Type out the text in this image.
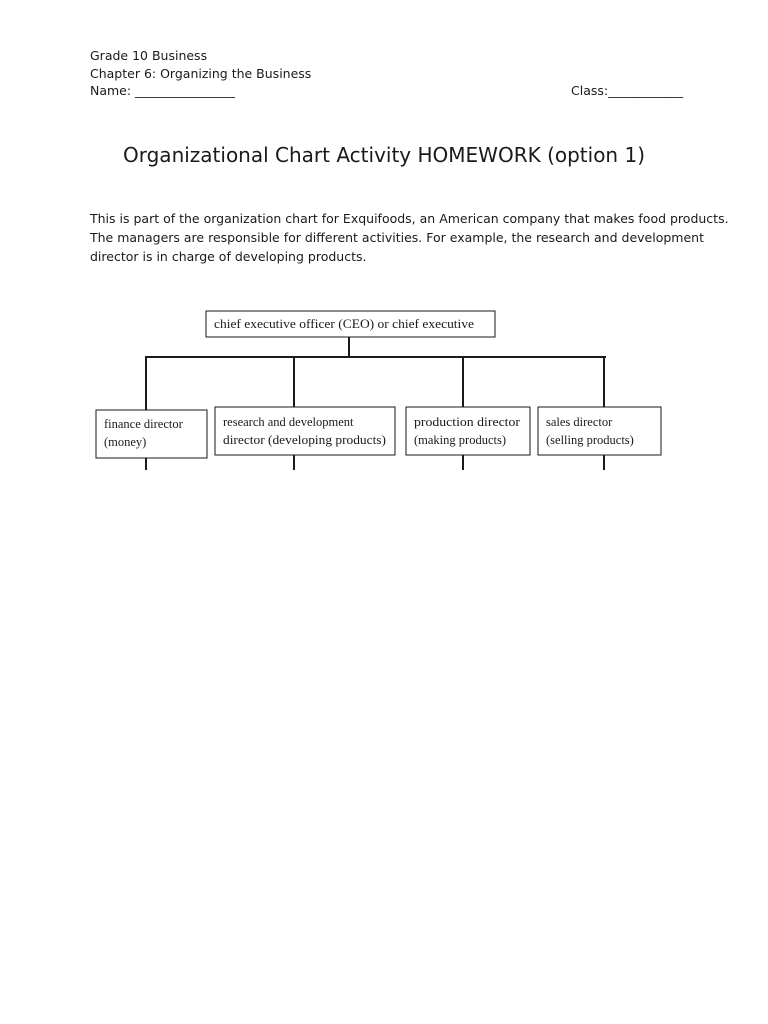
Grade 10 Business
Chapter 6: Organizing the Business
Name: ________________	Class:____________
Organizational Chart Activity HOMEWORK (option 1)

This is part of the organization chart for Exquifoods, an American company that makes food products.

The managers are responsible for different activities. For example, the research and development

director is in charge of developing products.

chief executive officer (CEO) or chief executive
finance director
(money)
research and development
director (developing products)
production director
(making products)
sales director
(selling products)
